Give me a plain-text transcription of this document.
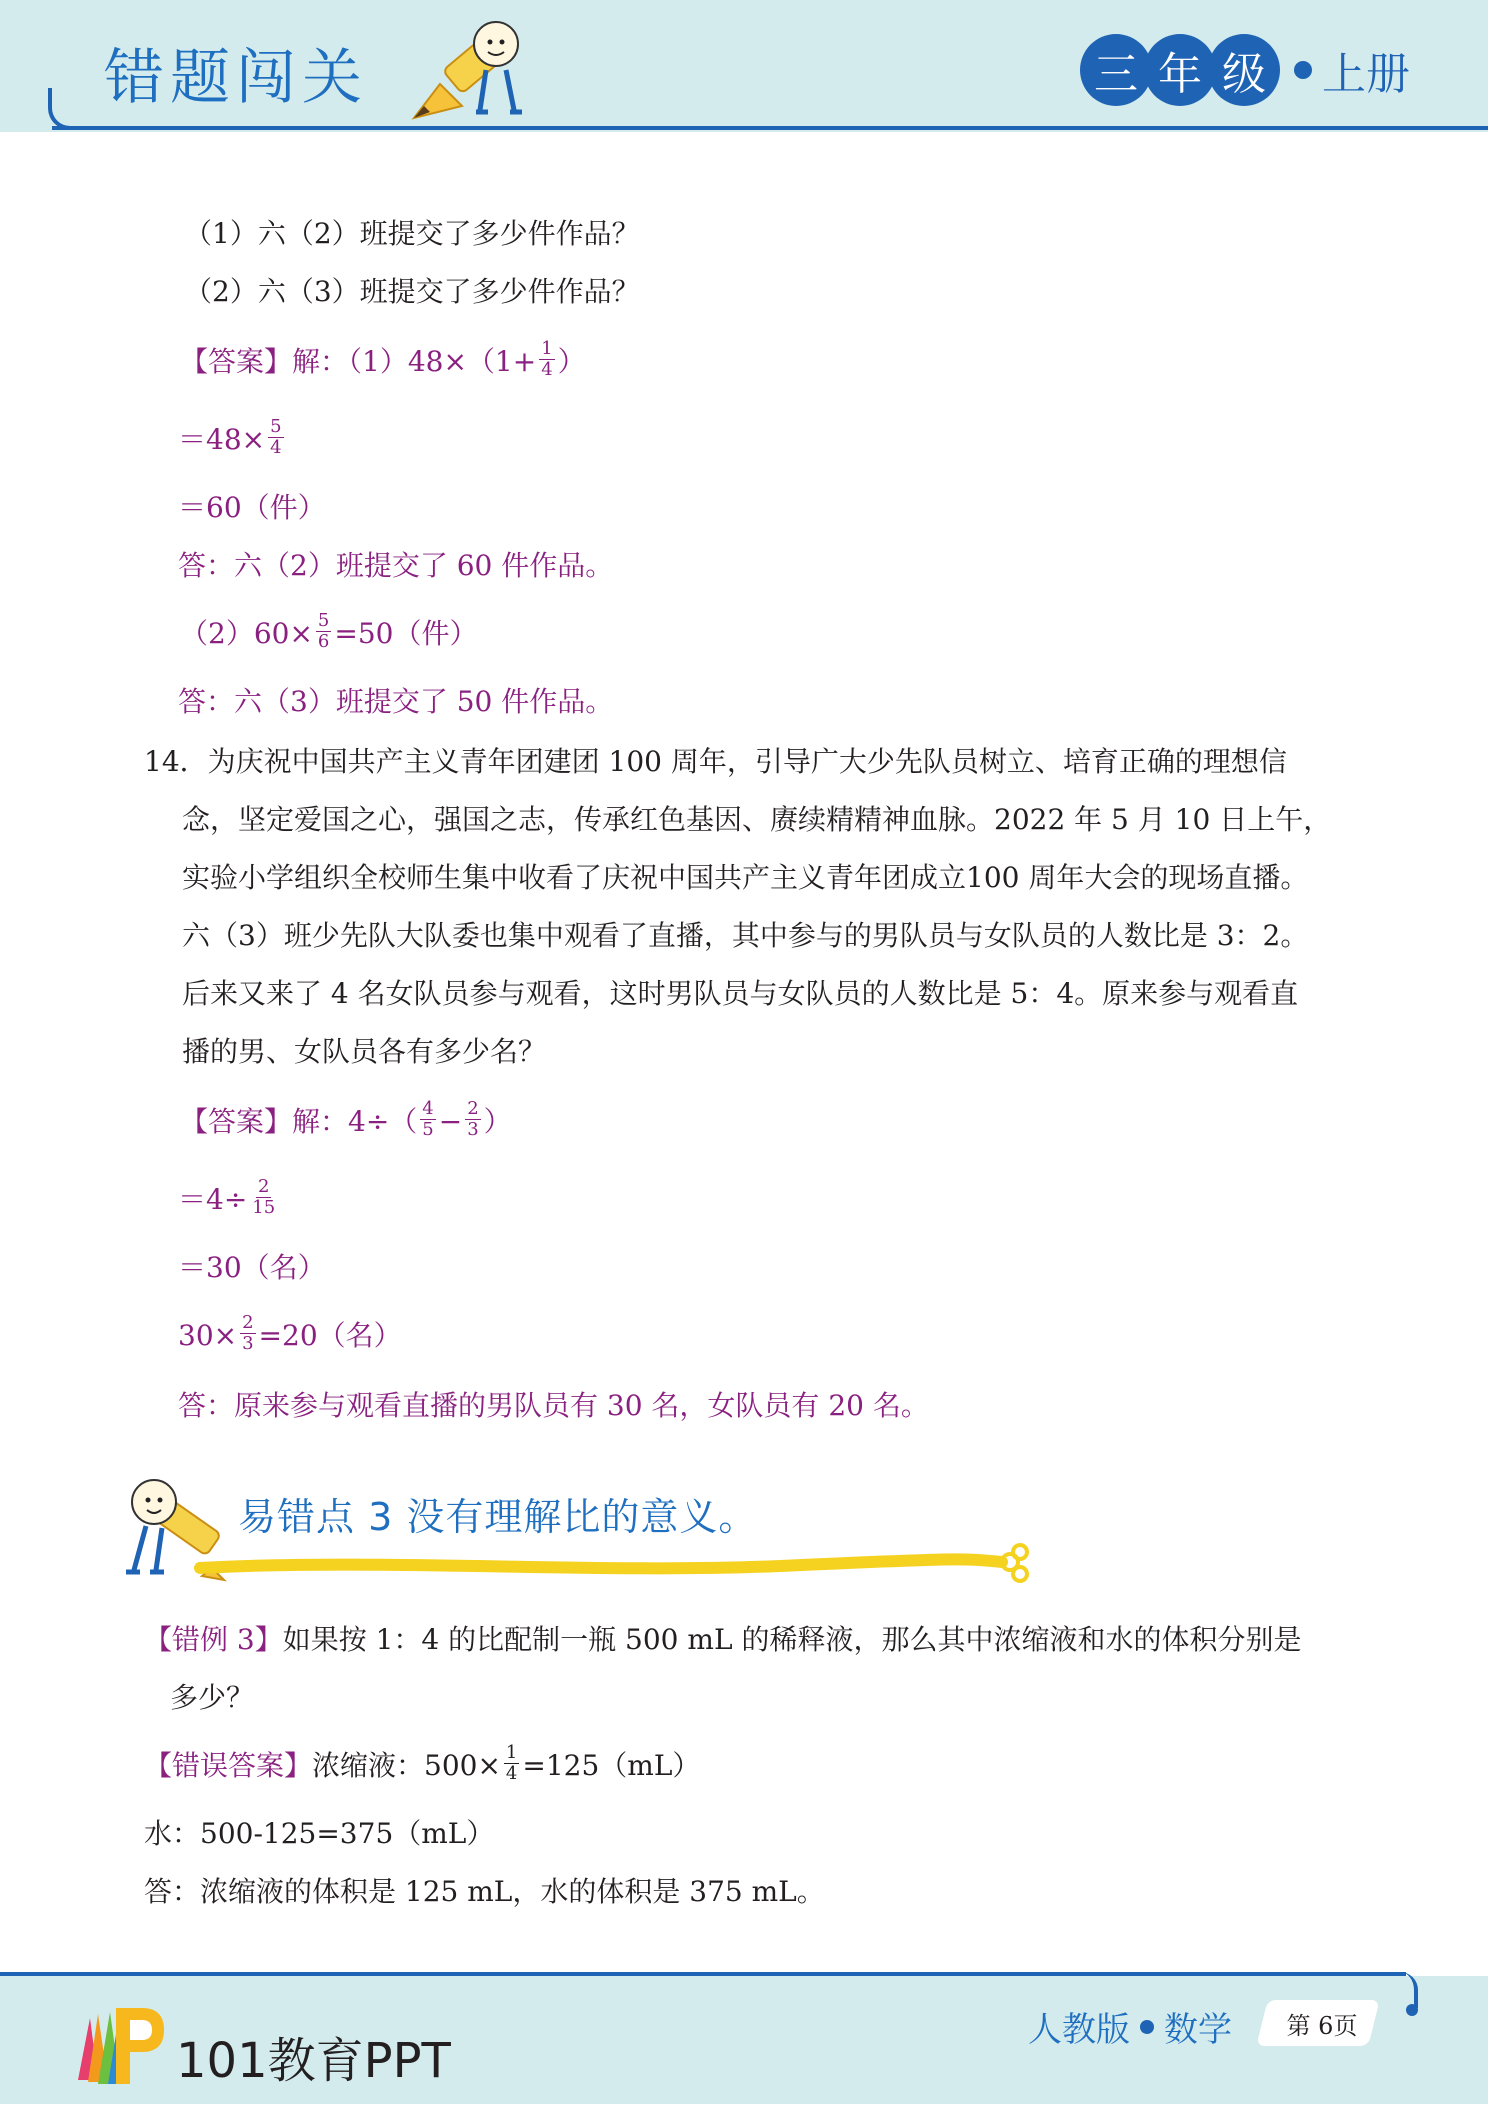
错题闯关	三 年 级	上册
（1）六（2）班提交了多少件作品？
（2）六（3）班提交了多少件作品？
【答案】解：$(1)48\times(1+ \frac{1}{4}$ ）
$=48\times \frac{5}{4}$
＝60（件）
答：六（2）班提交了 60 件作品。
$(2)60\times \frac{5}{6} =50$（件）
答：六（3）班提交了 50 件作品。
14．为庆祝中国共产主义青年团建团 100 周年，引导广大少先队员树立、培育正确的理想信
念，坚定爱国之心，强国之志，传承红色基因、赓续精精神血脉。2022 年 5 月 10 日上午，
实验小学组织全校师生集中收看了庆祝中国共产主义青年团成立100 周年大会的现场直播。
六（3）班少先队大队委也集中观看了直播，其中参与的男队员与女队员的人数比是 3：2。
后来又来了 4 名女队员参与观看，这时男队员与女队员的人数比是 5：4。原来参与观看直
播的男、女队员各有多少名？
【答案】解：$4\div( \frac{4}{5} - \frac{2}{3}$ ）
$=4\div \frac{2}{15}$
＝30（名）
$30\times \frac{2}{3} =20$（名）
答：原来参与观看直播的男队员有 30 名，女队员有 20 名。
易错点 3 没有理解比的意义。
【错例 3】如果按 1：4 的比配制一瓶 500 mL 的稀释液，那么其中浓缩液和水的体积分别是
多少？
【错误答案】浓缩液：$500\times \frac{1}{4} =125(mL)$
水：500-125=375（mL）
答：浓缩液的体积是 125 mL，水的体积是 375 mL。
101教育PPT
人教版 数学	第 6页
